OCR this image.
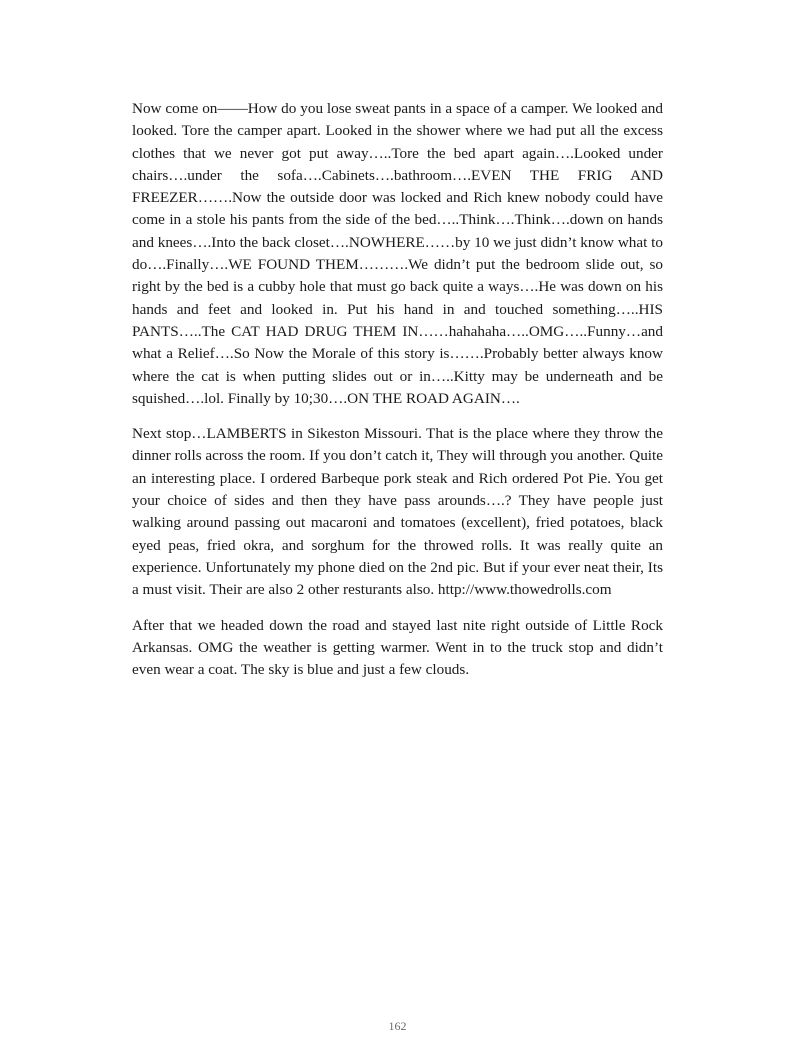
Now come on——How do you lose sweat pants in a space of a camper. We looked and looked. Tore the camper apart. Looked in the shower where we had put all the excess clothes that we never got put away…..Tore the bed apart again….Looked under chairs….under the sofa….Cabinets….bathroom….EVEN THE FRIG AND FREEZER…….Now the outside door was locked and Rich knew nobody could have come in a stole his pants from the side of the bed…..Think….Think….down on hands and knees….Into the back closet….NOWHERE……by 10 we just didn’t know what to do….Finally….WE FOUND THEM……….We didn’t put the bedroom slide out, so right by the bed is a cubby hole that must go back quite a ways….He was down on his hands and feet and looked in. Put his hand in and touched something…..HIS PANTS…..The CAT HAD DRUG THEM IN……hahahaha…..OMG…..Funny…and what a Relief….So Now the Morale of this story is…….Probably better always know where the cat is when putting slides out or in…..Kitty may be underneath and be squished….lol. Finally by 10;30….ON THE ROAD AGAIN….

Next stop…LAMBERTS in Sikeston Missouri. That is the place where they throw the dinner rolls across the room. If you don’t catch it, They will through you another. Quite an interesting place. I ordered Barbeque pork steak and Rich ordered Pot Pie. You get your choice of sides and then they have pass arounds….? They have people just walking around passing out macaroni and tomatoes (excellent), fried potatoes, black eyed peas, fried okra, and sorghum for the throwed rolls. It was really quite an experience. Unfortunately my phone died on the 2nd pic. But if your ever neat their, Its a must visit. Their are also 2 other resturants also. http://www.thowedrolls.com

After that we headed down the road and stayed last nite right outside of Little Rock Arkansas. OMG the weather is getting warmer. Went in to the truck stop and didn’t even wear a coat. The sky is blue and just a few clouds.

162
